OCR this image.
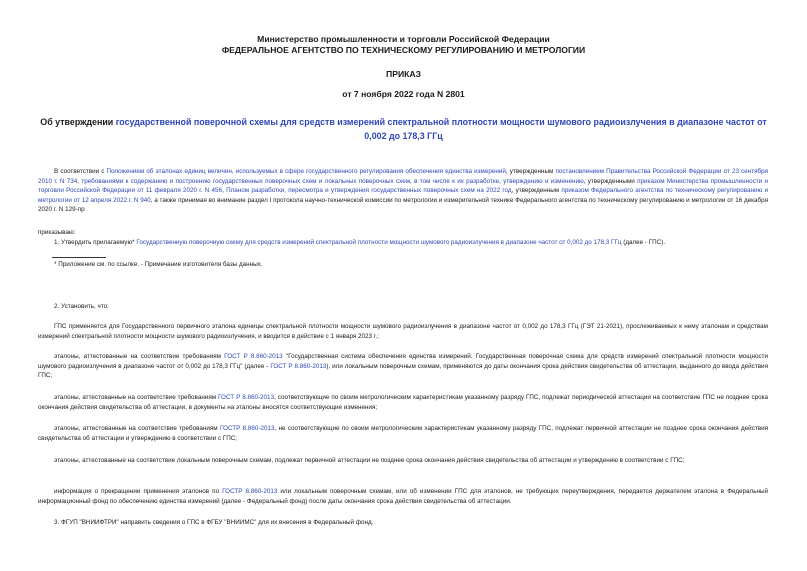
Министерство промышленности и торговли Российской Федерации
ФЕДЕРАЛЬНОЕ АГЕНТСТВО ПО ТЕХНИЧЕСКОМУ РЕГУЛИРОВАНИЮ И МЕТРОЛОГИИ
ПРИКАЗ
от 7 ноября 2022 года N 2801
Об утверждении государственной поверочной схемы для средств измерений спектральной плотности мощности шумового радиоизлучения в диапазоне частот от 0,002 до 178,3 ГГц
В соответствии с Положением об эталонах единиц величин, используемых в сфере государственного регулирования обеспечения единства измерений, утвержденным постановлением Правительства Российской Федерации от 23 сентября 2010 г. N 734, требованиями к содержанию и построению государственных поверочных схем и локальных поверочных схем, в том числе к их разработке, утверждению и изменению, утвержденными приказом Министерства промышленности и торговли Российской Федерации от 11 февраля 2020 г. N 456, Планом разработки, пересмотра и утверждения государственных поверочных схем на 2022 год, утвержденным приказом Федерального агентства по техническому регулированию и метрологии от 12 апреля 2022 г. N 940, а также принимая во внимание раздел I протокола научно-технической комиссии по метрологии и измерительной технике Федерального агентства по техническому регулированию и метрологии от 16 декабря 2020 г. N 129-пр
приказываю:
1. Утвердить прилагаемую* Государственную поверочную схему для средств измерений спектральной плотности мощности шумового радиоизлучения в диапазоне частот от 0,002 до 178,3 ГГц (далее - ГПС).
* Приложение см. по ссылке. - Примечание изготовителя базы данных.
2. Установить, что:
ГПС применяется для Государственного первичного эталона единицы спектральной плотности мощности шумового радиоизлучения в диапазоне частот от 0,002 до 178,3 ГГц (ГЭТ 21-2021), прослеживаемых к нему эталонам и средствам измерений спектральной плотности мощности шумового радиоизлучения, и вводится в действие с 1 января 2023 г.;
эталоны, аттестованные на соответствие требованиям ГОСТ Р 8.860-2013 "Государственная система обеспечения единства измерений. Государственная поверочная схема для средств измерений спектральной плотности мощности шумового радиоизлучения в диапазоне частот от 0,002 до 178,3 ГГц" (далее - ГОСТ Р 8.860-2013), или локальным поверочным схемам, применяются до даты окончания срока действия свидетельства об аттестации, выданного до ввода действия ГПС;
эталоны, аттестованные на соответствие требованиям ГОСТ Р 8.860-2013, соответствующие по своим метрологическим характеристикам указанному разряду ГПС, подлежат периодической аттестации на соответствие ГПС не позднее срока окончания действия свидетельства об аттестации, в документы на эталоны вносятся соответствующие изменения;
эталоны, аттестованные на соответствие требованиям ГОСТР 8.860-2013, не соответствующие по своим метрологическим характеристикам указанному разряду ГПС, подлежат первичной аттестации не позднее срока окончания действия свидетельства об аттестации и утверждению в соответствии с ГПС;
эталоны, аттестованные на соответствие локальным поверочным схемам, подлежат первичной аттестации не позднее срока окончания действия свидетельства об аттестации и утверждению в соответствии с ГПС;
информация о прекращении применения эталонов по ГОСТР 8.860-2013 или локальным поверочным схемам, или об изменении ГПС для эталонов, не требующих переутверждения, передается держателем эталона в Федеральный информационный фонд по обеспечению единства измерений (далее - Федеральный фонд) после даты окончания срока действия свидетельства об аттестации.
3. ФГУП "ВНИИФТРИ" направить сведения о ГПС в ФГБУ "ВНИИМС" для их внесения в Федеральный фонд.
